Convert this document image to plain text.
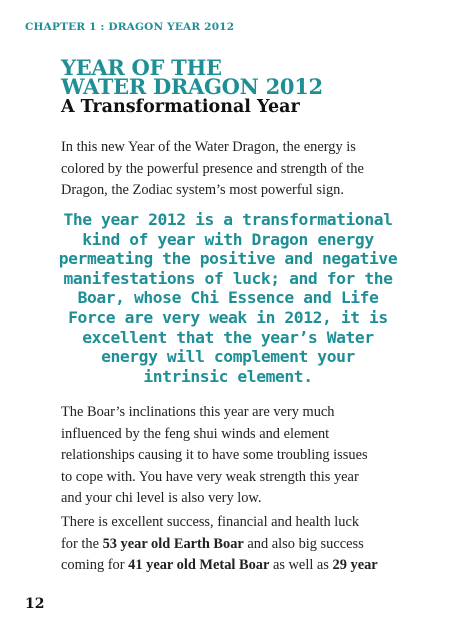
CHAPTER 1 : DRAGON YEAR 2012
YEAR OF THE
WATER DRAGON 2012
A Transformational Year
In this new Year of the Water Dragon, the energy is
colored by the powerful presence and strength of the
Dragon, the Zodiac system’s most powerful sign.
The year 2012 is a transformational
kind of year with Dragon energy
permeating the positive and negative
manifestations of luck; and for the
Boar, whose Chi Essence and Life
Force are very weak in 2012, it is
excellent that the year’s Water
energy will complement your
intrinsic element.
The Boar’s inclinations this year are very much
influenced by the feng shui winds and element
relationships causing it to have some troubling issues
to cope with. You have very weak strength this year
and your chi level is also very low.
There is excellent success, financial and health luck
for the 53 year old Earth Boar and also big success
coming for 41 year old Metal Boar as well as 29 year
12
